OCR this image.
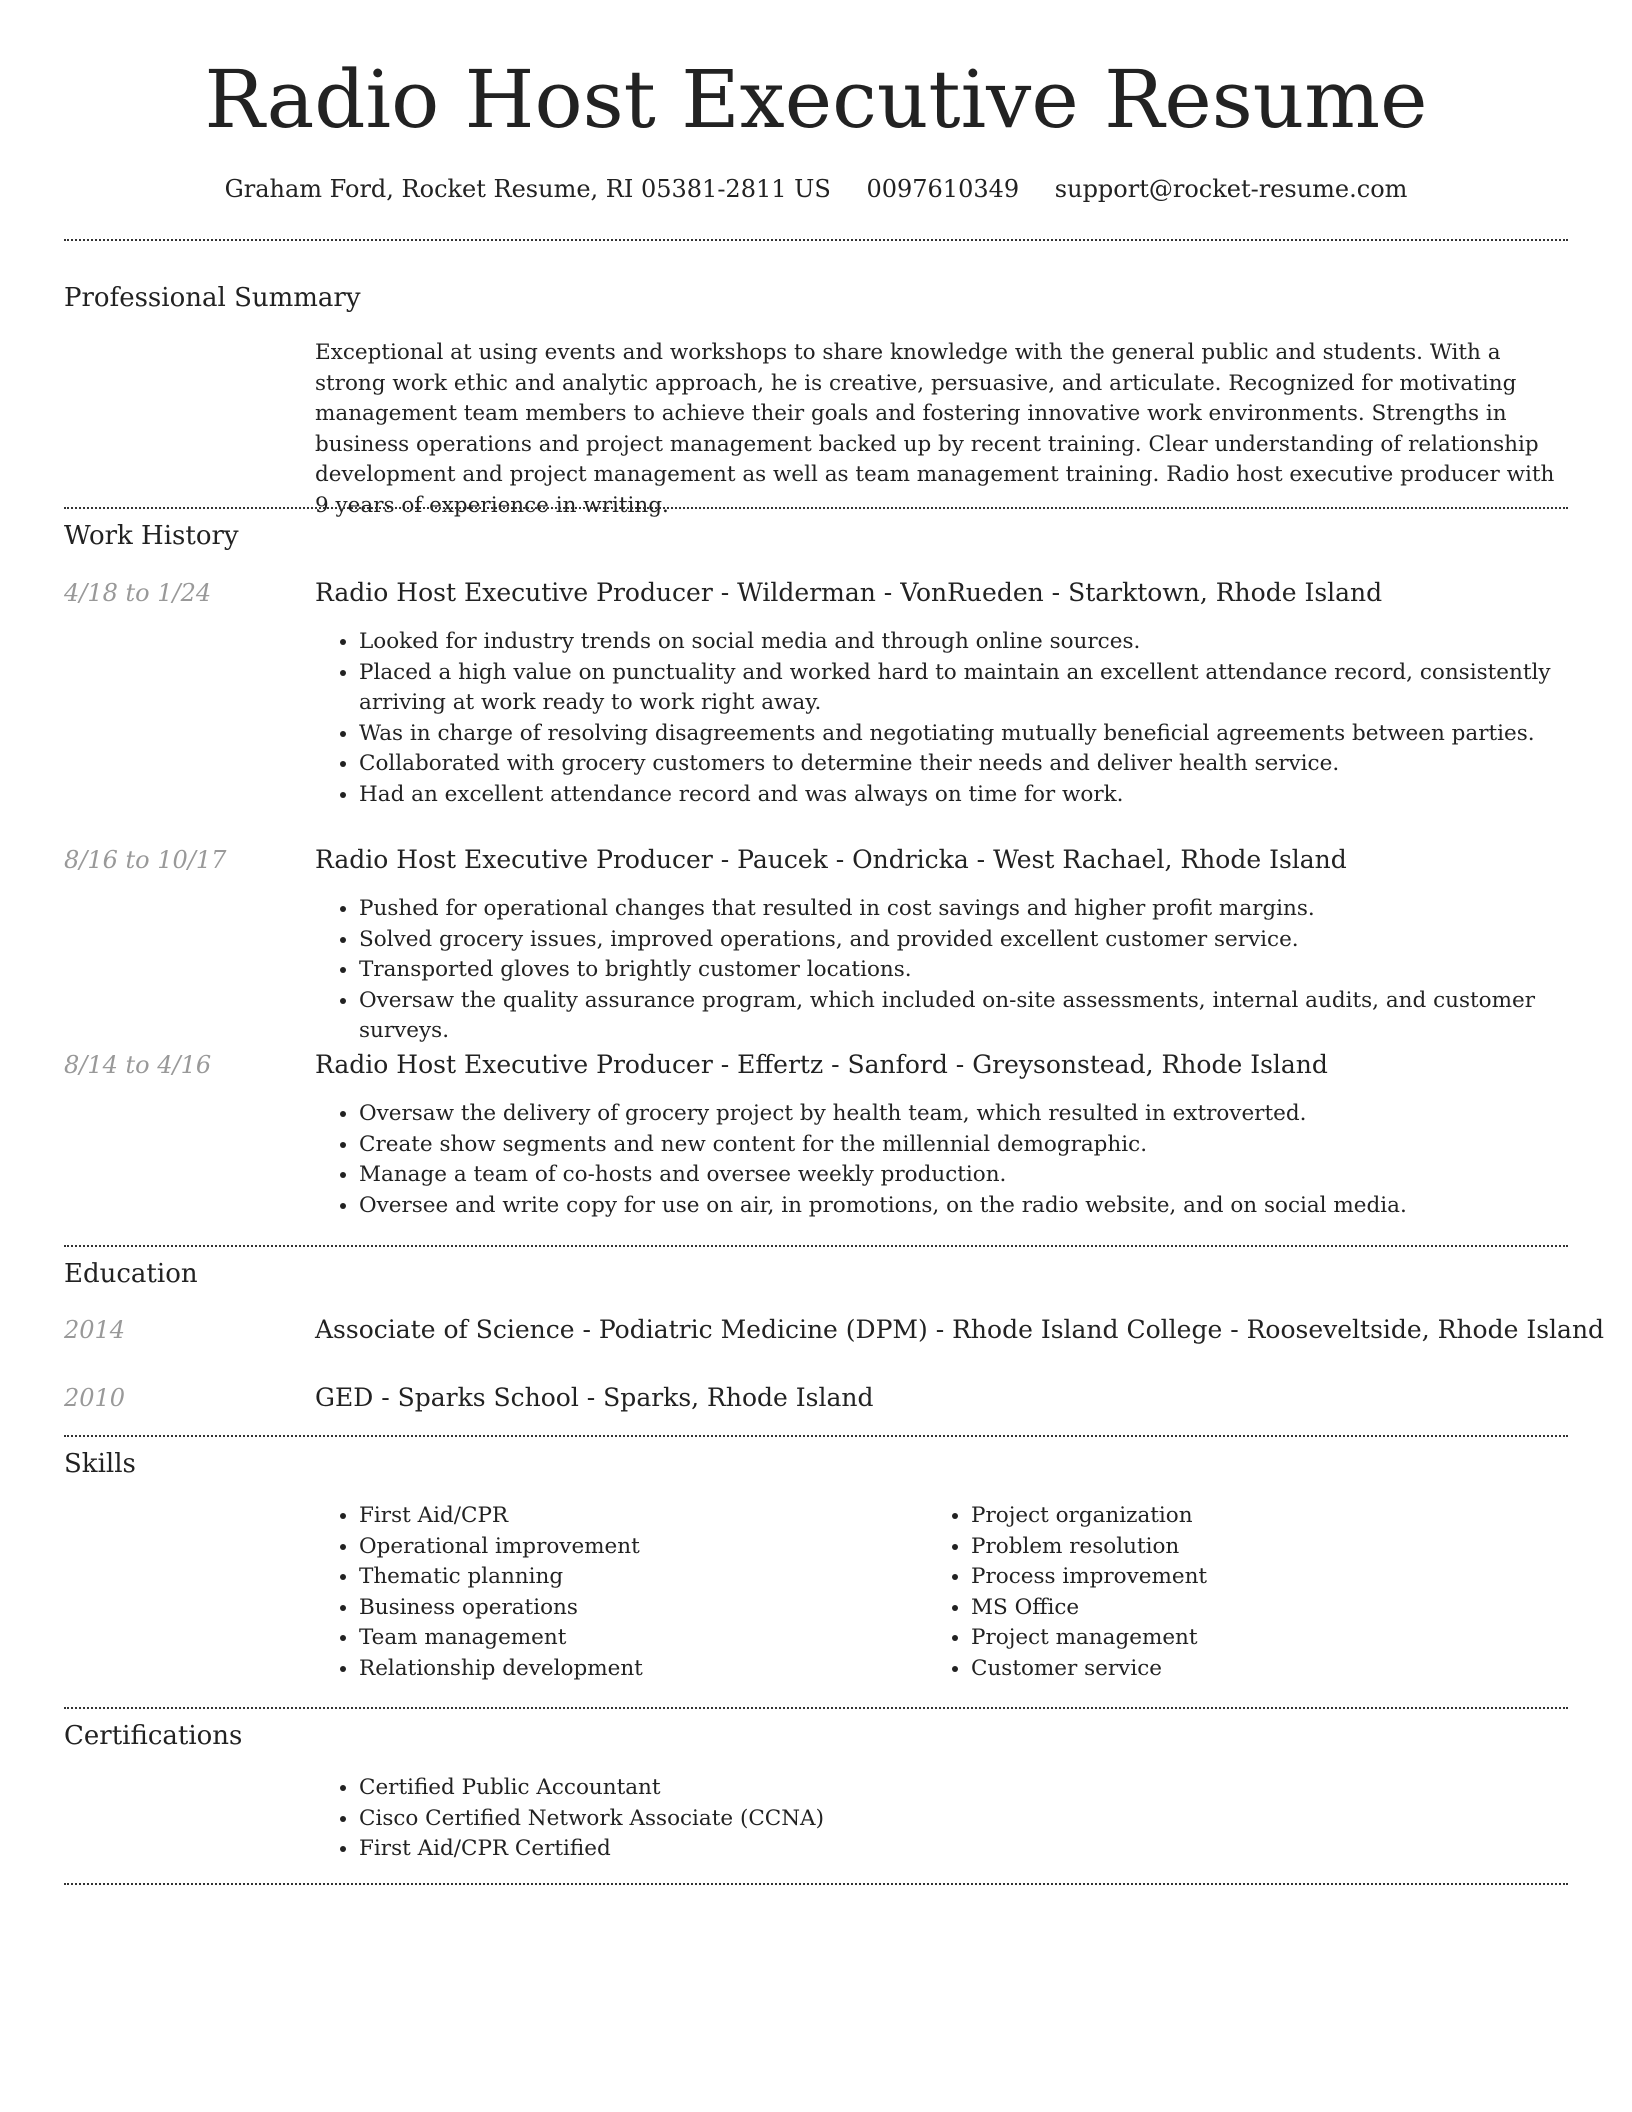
Radio Host Executive Resume
Graham Ford, Rocket Resume, RI 05381-2811 US 0097610349 support@rocket-resume.com
Professional Summary
Exceptional at using events and workshops to share knowledge with the general public and students. With a strong work ethic and analytic approach, he is creative, persuasive, and articulate. Recognized for motivating management team members to achieve their goals and fostering innovative work environments. Strengths in business operations and project management backed up by recent training. Clear understanding of relationship development and project management as well as team management training. Radio host executive producer with 9 years of experience in writing.
Work History
4/18 to 1/24	Radio Host Executive Producer - Wilderman - VonRueden - Starktown, Rhode Island
• Looked for industry trends on social media and through online sources.
• Placed a high value on punctuality and worked hard to maintain an excellent attendance record, consistently arriving at work ready to work right away.
• Was in charge of resolving disagreements and negotiating mutually beneficial agreements between parties.
• Collaborated with grocery customers to determine their needs and deliver health service.
• Had an excellent attendance record and was always on time for work.
8/16 to 10/17	Radio Host Executive Producer - Paucek - Ondricka - West Rachael, Rhode Island
• Pushed for operational changes that resulted in cost savings and higher profit margins.
• Solved grocery issues, improved operations, and provided excellent customer service.
• Transported gloves to brightly customer locations.
• Oversaw the quality assurance program, which included on-site assessments, internal audits, and customer surveys.
8/14 to 4/16	Radio Host Executive Producer - Effertz - Sanford - Greysonstead, Rhode Island
• Oversaw the delivery of grocery project by health team, which resulted in extroverted.
• Create show segments and new content for the millennial demographic.
• Manage a team of co-hosts and oversee weekly production.
• Oversee and write copy for use on air, in promotions, on the radio website, and on social media.
Education
2014	Associate of Science - Podiatric Medicine (DPM) - Rhode Island College - Rooseveltside, Rhode Island
2010	GED - Sparks School - Sparks, Rhode Island
Skills
• First Aid/CPR
• Operational improvement
• Thematic planning
• Business operations
• Team management
• Relationship development
• Project organization
• Problem resolution
• Process improvement
• MS Office
• Project management
• Customer service
Certifications
• Certified Public Accountant
• Cisco Certified Network Associate (CCNA)
• First Aid/CPR Certified
